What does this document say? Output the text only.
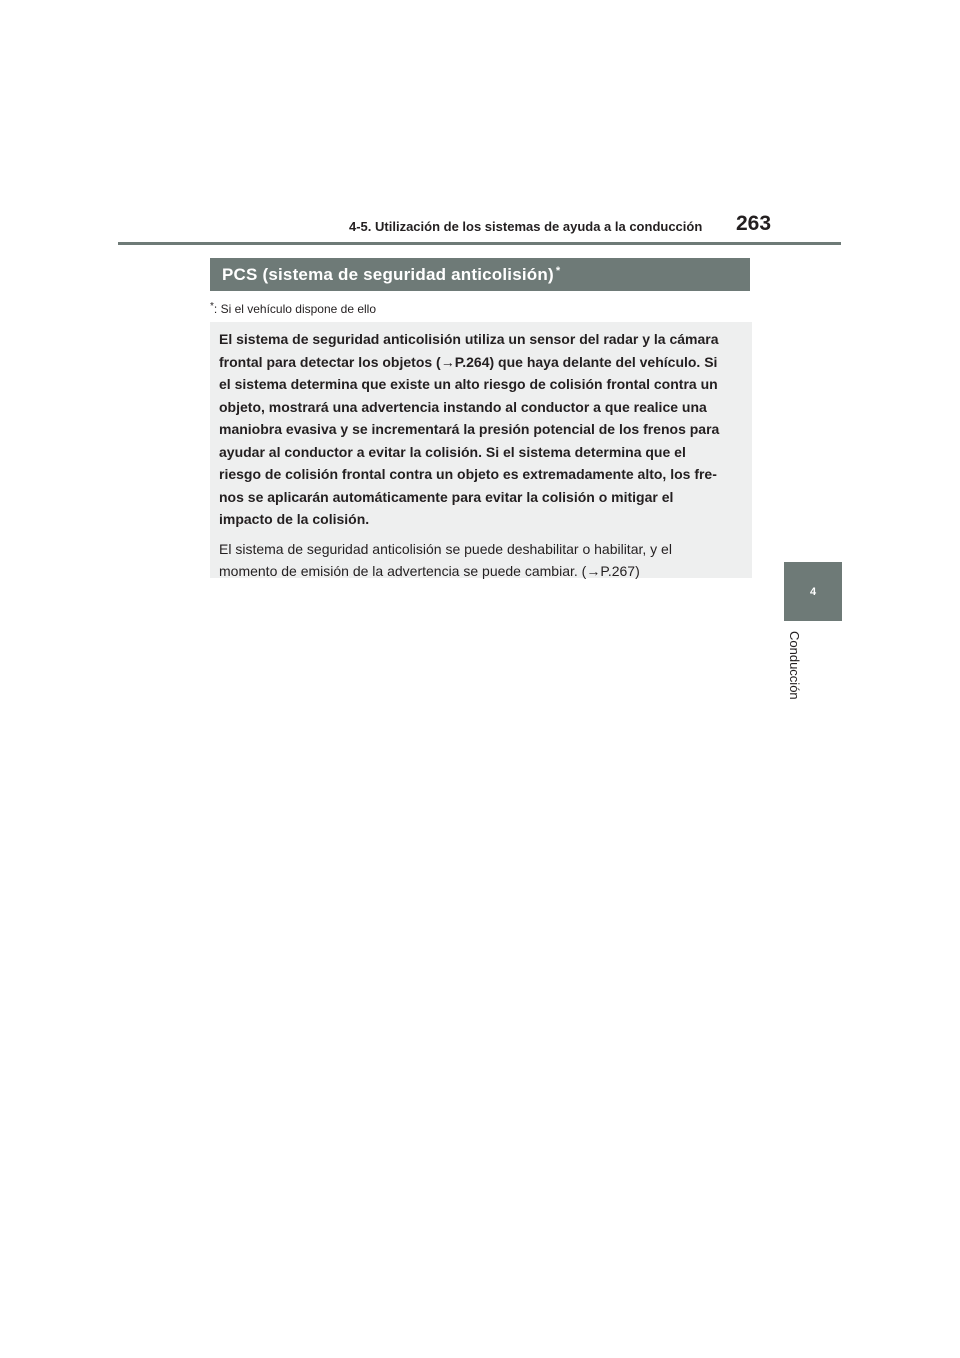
4-5. Utilización de los sistemas de ayuda a la conducción 263
4
Conducción
PCS (sistema de seguridad anticolisión)*
*: Si el vehículo dispone de ello

El sistema de seguridad anticolisión utiliza un sensor del radar y la cámara
frontal para detectar los objetos (→P.264) que haya delante del vehículo. Si
el sistema determina que existe un alto riesgo de colisión frontal contra un
objeto, mostrará una advertencia instando al conductor a que realice una
maniobra evasiva y se incrementará la presión potencial de los frenos para
ayudar al conductor a evitar la colisión. Si el sistema determina que el
riesgo de colisión frontal contra un objeto es extremadamente alto, los fre-
nos se aplicarán automáticamente para evitar la colisión o mitigar el
impacto de la colisión.

El sistema de seguridad anticolisión se puede deshabilitar o habilitar, y el
momento de emisión de la advertencia se puede cambiar. (→P.267)
